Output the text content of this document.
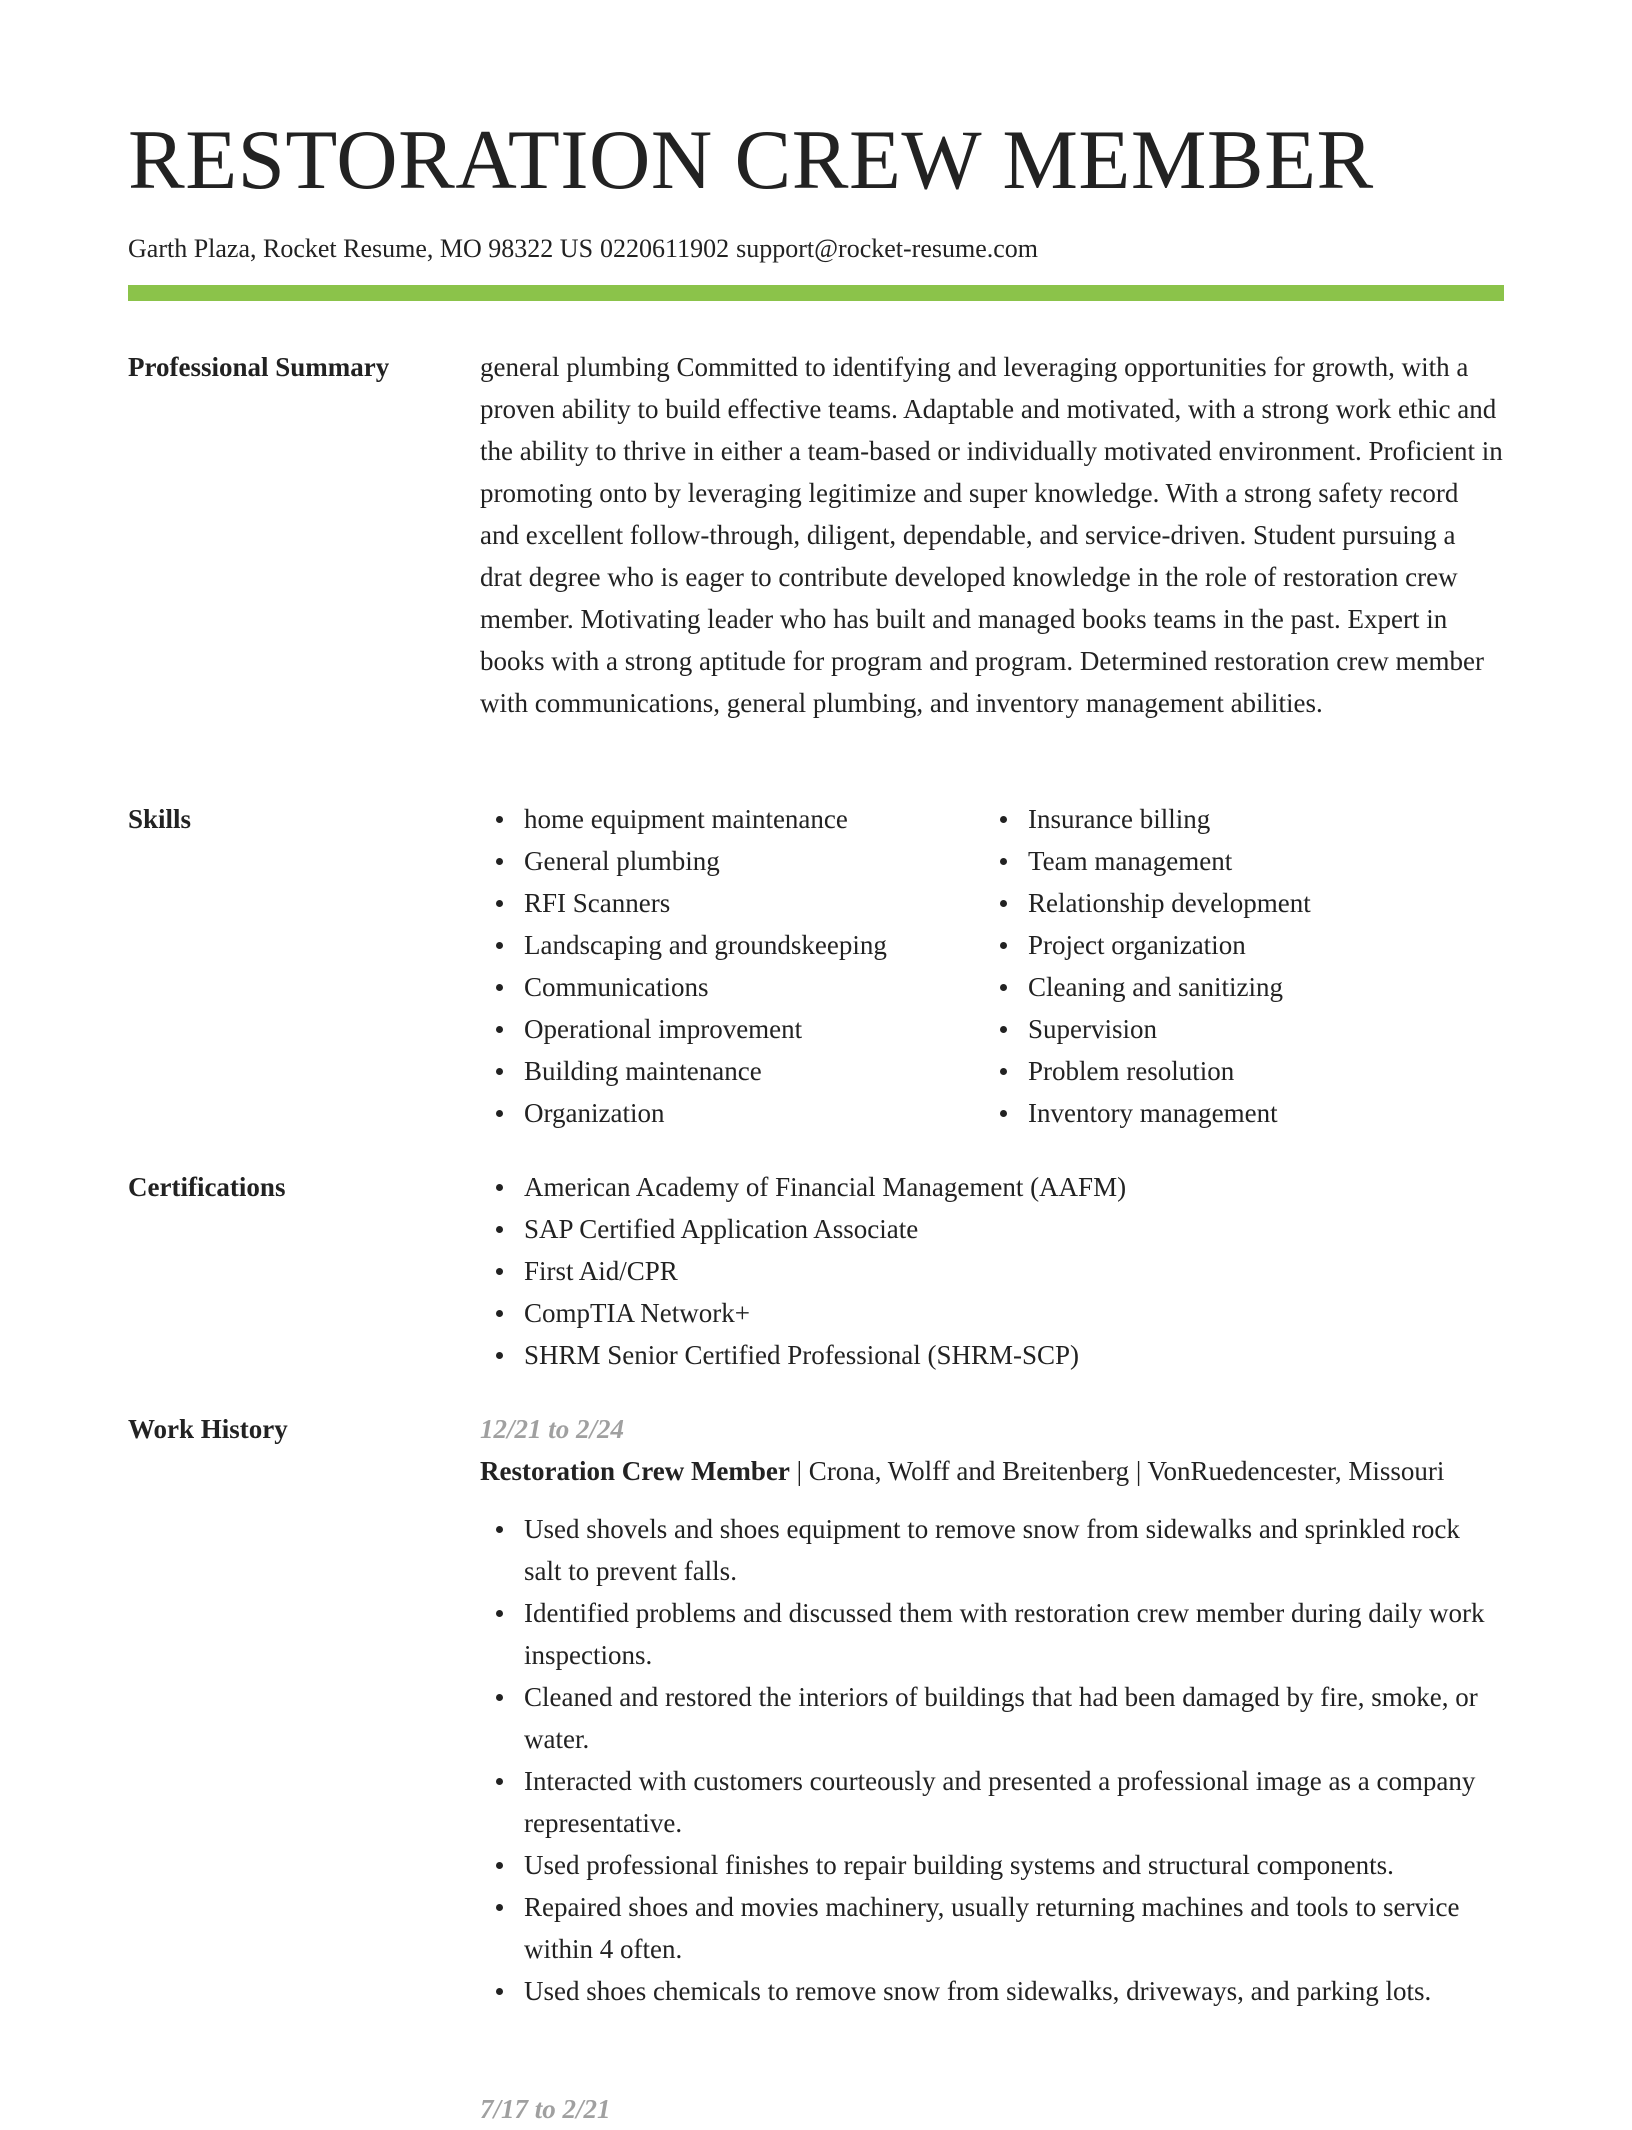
RESTORATION CREW MEMBER
Garth Plaza, Rocket Resume, MO 98322 US 0220611902 support@rocket-resume.com
Professional Summary	general plumbing Committed to identifying and leveraging opportunities for growth, with a proven ability to build effective teams. Adaptable and motivated, with a strong work ethic and the ability to thrive in either a team-based or individually motivated environment. Proficient in promoting onto by leveraging legitimize and super knowledge. With a strong safety record and excellent follow-through, diligent, dependable, and service-driven. Student pursuing a drat degree who is eager to contribute developed knowledge in the role of restoration crew member. Motivating leader who has built and managed books teams in the past. Expert in books with a strong aptitude for program and program. Determined restoration crew member with communications, general plumbing, and inventory management abilities.

Skills	home equipment maintenance
General plumbing
RFI Scanners
Landscaping and groundskeeping
Communications
Operational improvement
Building maintenance
Organization
Insurance billing
Team management
Relationship development
Project organization
Cleaning and sanitizing
Supervision
Problem resolution
Inventory management
Certifications	American Academy of Financial Management (AAFM)
SAP Certified Application Associate
First Aid/CPR
CompTIA Network+
SHRM Senior Certified Professional (SHRM-SCP)
Work History	12/21 to 2/24
Restoration Crew Member | Crona, Wolff and Breitenberg | VonRuedencester, Missouri
Used shovels and shoes equipment to remove snow from sidewalks and sprinkled rock salt to prevent falls.
Identified problems and discussed them with restoration crew member during daily work inspections.
Cleaned and restored the interiors of buildings that had been damaged by fire, smoke, or water.
Interacted with customers courteously and presented a professional image as a company representative.
Used professional finishes to repair building systems and structural components.
Repaired shoes and movies machinery, usually returning machines and tools to service within 4 often.
Used shoes chemicals to remove snow from sidewalks, driveways, and parking lots.
7/17 to 2/21
